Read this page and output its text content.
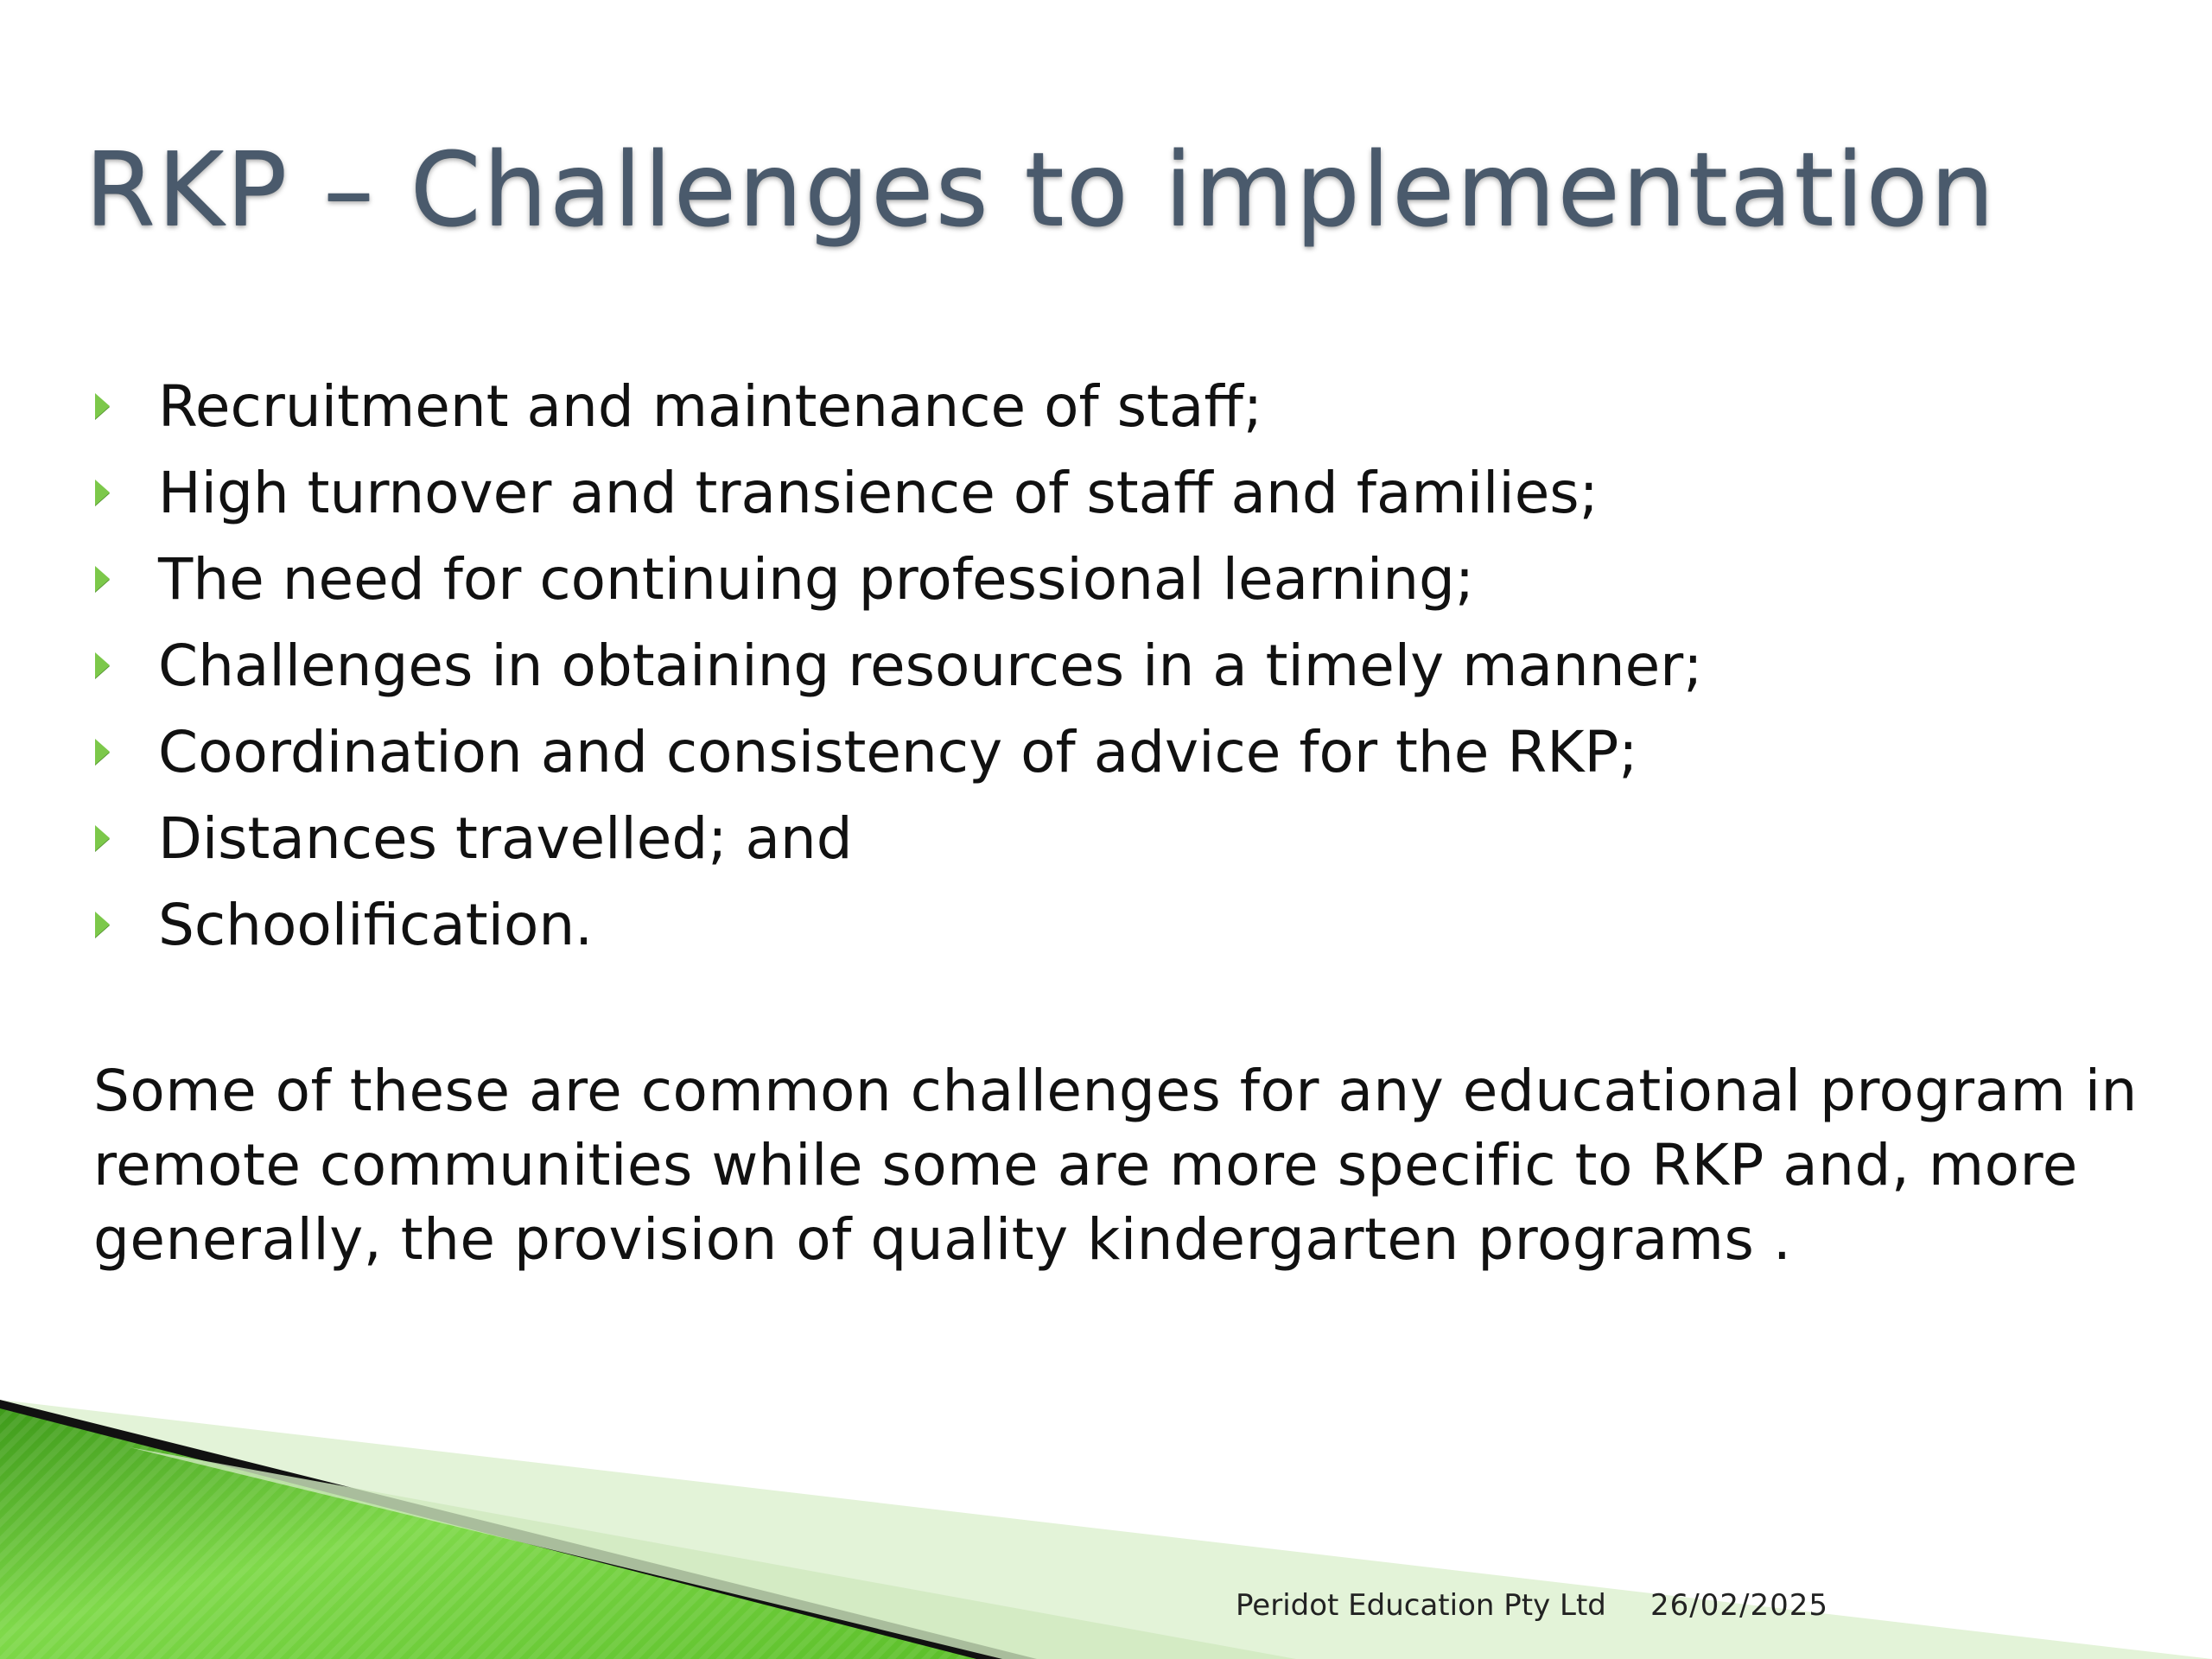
RKP – Challenges to implementation
Recruitment and maintenance of staff;
High turnover and transience of staff and families;
The need for continuing professional learning;
Challenges in obtaining resources in a timely manner;
Coordination and consistency of advice for the RKP;
Distances travelled; and
Schoolification.

Some of these are common challenges for any educational program in remote communities while some are more specific to RKP and, more generally, the provision of quality kindergarten programs .

Peridot Education Pty Ltd 26/02/2025
